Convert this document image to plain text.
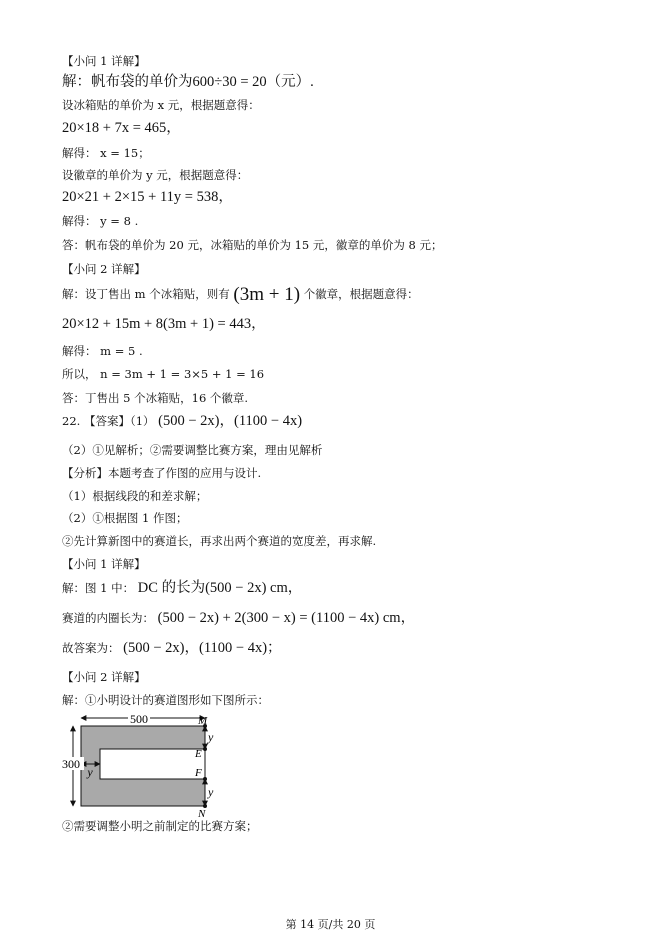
【小问 1 详解】
解：帆布袋的单价为600÷30 = 20（元）.
设冰箱贴的单价为 x 元，根据题意得：
20×18 + 7x = 465，
解得： x = 15；
设徽章的单价为 y 元，根据题意得：
20×21 + 2×15 + 11y = 538，
解得： y = 8 .
答：帆布袋的单价为 20 元，冰箱贴的单价为 15 元，徽章的单价为 8 元；
【小问 2 详解】
解：设丁售出 m 个冰箱贴，则有 (3m + 1) 个徽章，根据题意得：
20×12 + 15m + 8(3m + 1) = 443，
解得： m = 5 .
所以， n = 3m + 1 = 3×5 + 1 = 16
答：丁售出 5 个冰箱贴，16 个徽章.
22. 【答案】（1） (500 − 2x)，(1100 − 4x)
（2）①见解析；②需要调整比赛方案，理由见解析
【分析】本题考查了作图的应用与设计.
（1）根据线段的和差求解；
（2）①根据图 1 作图；
②先计算新图中的赛道长，再求出两个赛道的宽度差，再求解.
【小问 1 详解】
解：图 1 中： DC 的长为(500 − 2x) cm，
赛道的内圈长为： (500 − 2x) + 2(300 − x) = (1100 − 4x) cm，
故答案为： (500 − 2x)，(1100 − 4x)；
【小问 2 详解】
解：①小明设计的赛道图形如下图所示：
500
300
y
y
y
M
E
F
N
②需要调整小明之前制定的比赛方案；
第 14 页/共 20 页
